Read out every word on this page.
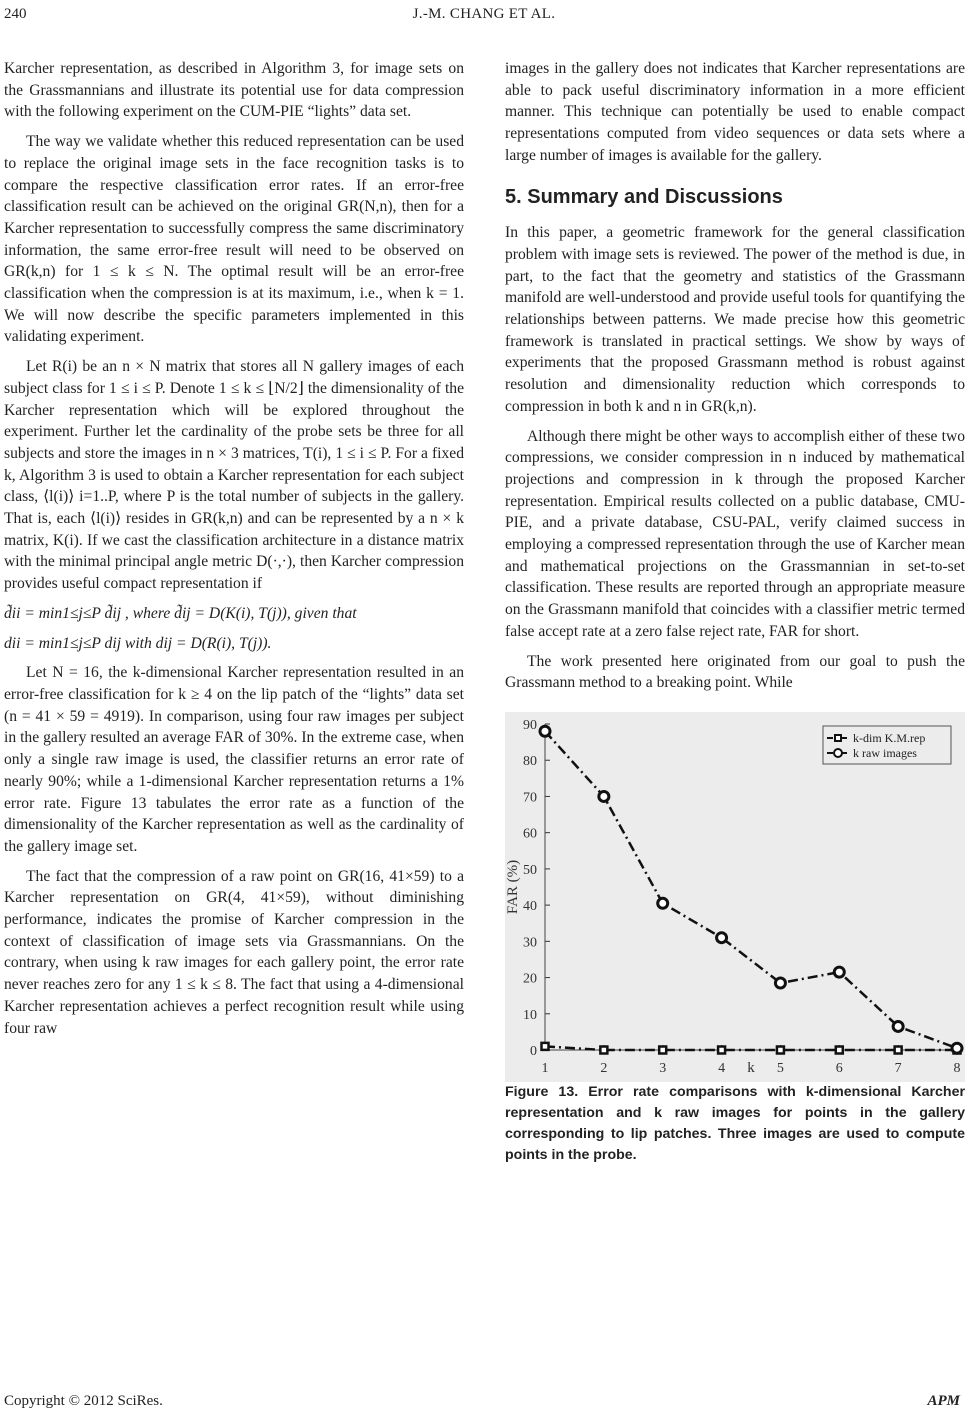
240	J.-M. CHANG ET AL.

Karcher representation, as described in Algorithm 3, for image sets on the Grassmannians and illustrate its potential use for data compression with the following experiment on the CUM-PIE “lights” data set.

The way we validate whether this reduced representation can be used to replace the original image sets in the face recognition tasks is to compare the respective classification error rates. If an error-free classification result can be achieved on the original GR(N,n), then for a Karcher representation to successfully compress the same discriminatory information, the same error-free result will need to be observed on GR(k,n) for 1 ≤ k ≤ N. The optimal result will be an error-free classification when the compression is at its maximum, i.e., when k = 1. We will now describe the specific parameters implemented in this validating experiment.

Let R(i) be an n × N matrix that stores all N gallery images of each subject class for 1 ≤ i ≤ P. Denote 1 ≤ k ≤ ⌊N/2⌋ the dimensionality of the Karcher representation which will be explored throughout the experiment. Further let the cardinality of the probe sets be three for all subjects and store the images in n × 3 matrices, T(i), 1 ≤ i ≤ P. For a fixed k, Algorithm 3 is used to obtain a Karcher representation for each subject class, ⟨l(i)⟩ i=1..P, where P is the total number of subjects in the gallery. That is, each ⟨l(i)⟩ resides in GR(k,n) and can be represented by a n × k matrix, K(i). If we cast the classification architecture in a distance matrix with the minimal principal angle metric D(·,·), then Karcher compression provides useful compact representation if

d̃ii = min1≤j≤P d̃ij , where d̃ij = D(K(i), T(j)), given that

dii = min1≤j≤P dij with dij = D(R(i), T(j)).

Let N = 16, the k-dimensional Karcher representation resulted in an error-free classification for k ≥ 4 on the lip patch of the “lights” data set (n = 41 × 59 = 4919). In comparison, using four raw images per subject in the gallery resulted an average FAR of 30%. In the extreme case, when only a single raw image is used, the classifier returns an error rate of nearly 90%; while a 1-dimensional Karcher representation returns a 1% error rate. Figure 13 tabulates the error rate as a function of the dimensionality of the Karcher representation as well as the cardinality of the gallery image set.

The fact that the compression of a raw point on GR(16, 41×59) to a Karcher representation on GR(4, 41×59), without diminishing performance, indicates the promise of Karcher compression in the context of classification of image sets via Grassmannians. On the contrary, when using k raw images for each gallery point, the error rate never reaches zero for any 1 ≤ k ≤ 8. The fact that using a 4-dimensional Karcher representation achieves a perfect recognition result while using four raw

images in the gallery does not indicates that Karcher representations are able to pack useful discriminatory information in a more efficient manner. This technique can potentially be used to enable compact representations computed from video sequences or data sets where a large number of images is available for the gallery.

5. Summary and Discussions

In this paper, a geometric framework for the general classification problem with image sets is reviewed. The power of the method is due, in part, to the fact that the geometry and statistics of the Grassmann manifold are well-understood and provide useful tools for quantifying the relationships between patterns. We made precise how this geometric framework is translated in practical settings. We show by ways of experiments that the proposed Grassmann method is robust against resolution and dimensionality reduction which corresponds to compression in both k and n in GR(k,n).

Although there might be other ways to accomplish either of these two compressions, we consider compression in n induced by mathematical projections and compression in k through the proposed Karcher representation. Empirical results collected on a public database, CMU-PIE, and a private database, CSU-PAL, verify claimed success in employing a compressed representation through the use of Karcher mean and mathematical projections on the Grassmannian in set-to-set classification. These results are reported through an appropriate measure on the Grassmann manifold that coincides with a classifier metric termed false accept rate at a zero false reject rate, FAR for short.

The work presented here originated from our goal to push the Grassmann method to a breaking point. While

0
10
20
30
40
50
60
70
80
90
1	2	3	4	5	6	7	8
k
FAR (%)
k-dim K.M.rep
k raw images

Figure 13. Error rate comparisons with k-dimensional Karcher representation and k raw images for points in the gallery corresponding to lip patches. Three images are used to compute points in the probe.

Copyright © 2012 SciRes.	APM
